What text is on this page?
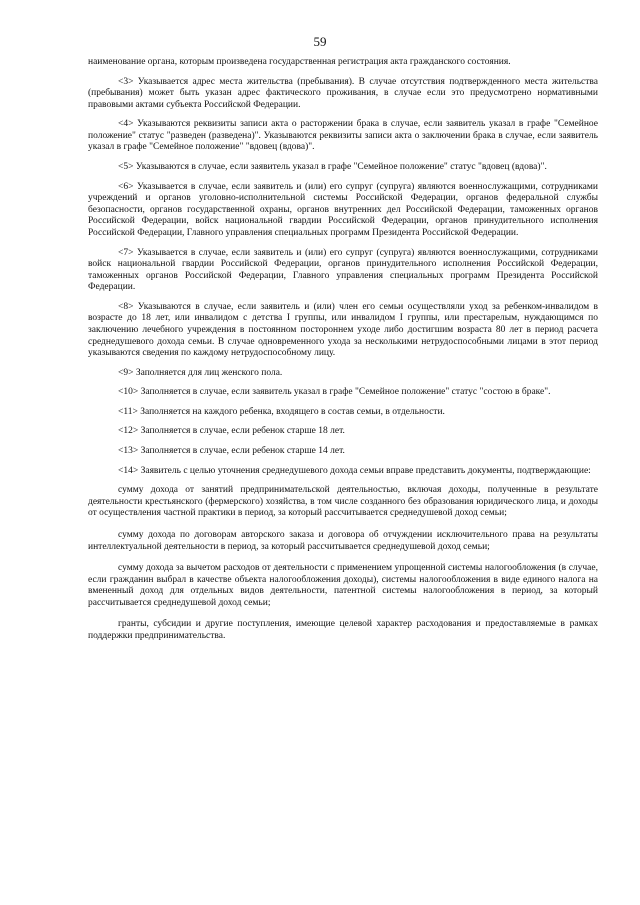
59

наименование органа, которым произведена государственная регистрация акта гражданского состояния.

<3> Указывается адрес места жительства (пребывания). В случае отсутствия подтвержденного места жительства (пребывания) может быть указан адрес фактического проживания, в случае если это предусмотрено нормативными правовыми актами субъекта Российской Федерации.

<4> Указываются реквизиты записи акта о расторжении брака в случае, если заявитель указал в графе "Семейное положение" статус "разведен (разведена)". Указываются реквизиты записи акта о заключении брака в случае, если заявитель указал в графе "Семейное положение" "вдовец (вдова)".

<5> Указываются в случае, если заявитель указал в графе "Семейное положение" статус "вдовец (вдова)".

<6> Указывается в случае, если заявитель и (или) его супруг (супруга) являются военнослужащими, сотрудниками учреждений и органов уголовно-исполнительной системы Российской Федерации, органов федеральной службы безопасности, органов государственной охраны, органов внутренних дел Российской Федерации, таможенных органов Российской Федерации, войск национальной гвардии Российской Федерации, органов принудительного исполнения Российской Федерации, Главного управления специальных программ Президента Российской Федерации.

<7> Указывается в случае, если заявитель и (или) его супруг (супруга) являются военнослужащими, сотрудниками войск национальной гвардии Российской Федерации, органов принудительного исполнения Российской Федерации, таможенных органов Российской Федерации, Главного управления специальных программ Президента Российской Федерации.

<8> Указываются в случае, если заявитель и (или) член его семьи осуществляли уход за ребенком-инвалидом в возрасте до 18 лет, или инвалидом с детства I группы, или инвалидом I группы, или престарелым, нуждающимся по заключению лечебного учреждения в постоянном постороннем уходе либо достигшим возраста 80 лет в период расчета среднедушевого дохода семьи. В случае одновременного ухода за несколькими нетрудоспособными лицами в этот период указываются сведения по каждому нетрудоспособному лицу.

<9> Заполняется для лиц женского пола.

<10> Заполняется в случае, если заявитель указал в графе "Семейное положение" статус "состою в браке".

<11> Заполняется на каждого ребенка, входящего в состав семьи, в отдельности.

<12> Заполняется в случае, если ребенок старше 18 лет.

<13> Заполняется в случае, если ребенок старше 14 лет.

<14> Заявитель с целью уточнения среднедушевого дохода семьи вправе представить документы, подтверждающие:

сумму дохода от занятий предпринимательской деятельностью, включая доходы, полученные в результате деятельности крестьянского (фермерского) хозяйства, в том числе созданного без образования юридического лица, и доходы от осуществления частной практики в период, за который рассчитывается среднедушевой доход семьи;

сумму дохода по договорам авторского заказа и договора об отчуждении исключительного права на результаты интеллектуальной деятельности в период, за который рассчитывается среднедушевой доход семьи;

сумму дохода за вычетом расходов от деятельности с применением упрощенной системы налогообложения (в случае, если гражданин выбрал в качестве объекта налогообложения доходы), системы налогообложения в виде единого налога на вмененный доход для отдельных видов деятельности, патентной системы налогообложения в период, за который рассчитывается среднедушевой доход семьи;

гранты, субсидии и другие поступления, имеющие целевой характер расходования и предоставляемые в рамках поддержки предпринимательства.
